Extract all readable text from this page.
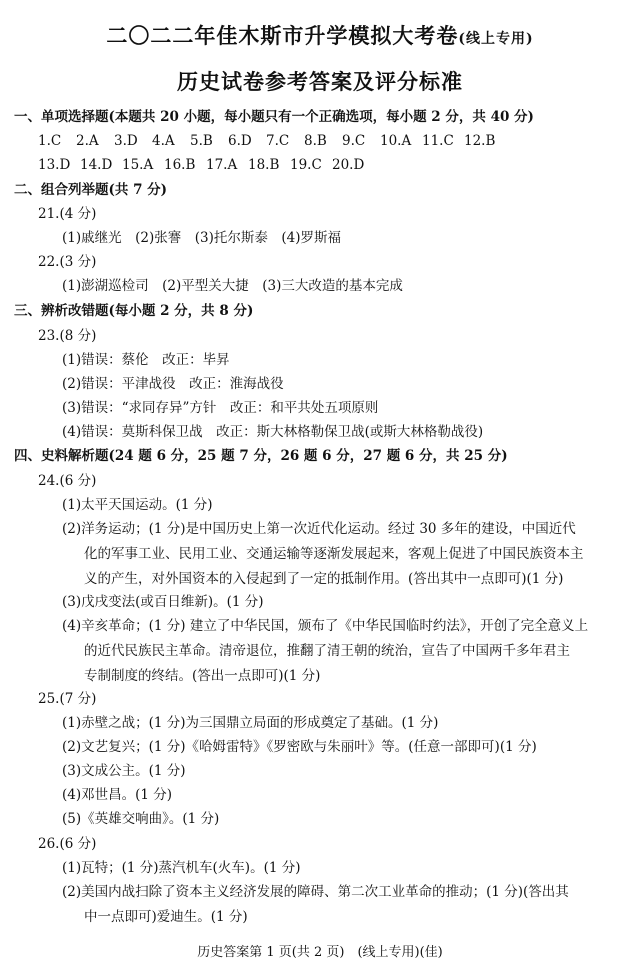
二〇二二年佳木斯市升学模拟大考卷(线上专用)
历史试卷参考答案及评分标准
一、单项选择题(本题共 20 小题，每小题只有一个正确选项，每小题 2 分，共 40 分)
1.C	2.A	3.D	4.A	5.B	6.D	7.C	8.B	9.C	10.A 11.C 12.B
13.D 14.D 15.A 16.B 17.A 18.B 19.C 20.D
二、组合列举题(共 7 分)
21.(4 分)
(1)戚继光　(2)张謇　(3)托尔斯泰　(4)罗斯福
22.(3 分)
(1)澎湖巡检司　(2)平型关大捷　(3)三大改造的基本完成
三、辨析改错题(每小题 2 分，共 8 分)
23.(8 分)
(1)错误：蔡伦　改正：毕昇
(2)错误：平津战役　改正：淮海战役
(3)错误：“求同存异”方针　改正：和平共处五项原则
(4)错误：莫斯科保卫战　改正：斯大林格勒保卫战(或斯大林格勒战役)
四、史料解析题(24 题 6 分，25 题 7 分，26 题 6 分，27 题 6 分，共 25 分)
24.(6 分)
(1)太平天国运动。(1 分)
(2)洋务运动；(1 分)是中国历史上第一次近代化运动。经过 30 多年的建设，中国近代
化的军事工业、民用工业、交通运输等逐渐发展起来，客观上促进了中国民族资本主
义的产生，对外国资本的入侵起到了一定的抵制作用。(答出其中一点即可)(1 分)
(3)戊戌变法(或百日维新)。(1 分)
(4)辛亥革命；(1 分) 建立了中华民国，颁布了《中华民国临时约法》，开创了完全意义上
的近代民族民主革命。清帝退位，推翻了清王朝的统治，宣告了中国两千多年君主
专制制度的终结。(答出一点即可)(1 分)
25.(7 分)
(1)赤壁之战；(1 分)为三国鼎立局面的形成奠定了基础。(1 分)
(2)文艺复兴；(1 分)《哈姆雷特》《罗密欧与朱丽叶》等。(任意一部即可)(1 分)
(3)文成公主。(1 分)
(4)邓世昌。(1 分)
(5)《英雄交响曲》。(1 分)
26.(6 分)
(1)瓦特；(1 分)蒸汽机车(火车)。(1 分)
(2)美国内战扫除了资本主义经济发展的障碍、第二次工业革命的推动；(1 分)(答出其
中一点即可)爱迪生。(1 分)
历史答案第 1 页(共 2 页)　(线上专用)(佳)
